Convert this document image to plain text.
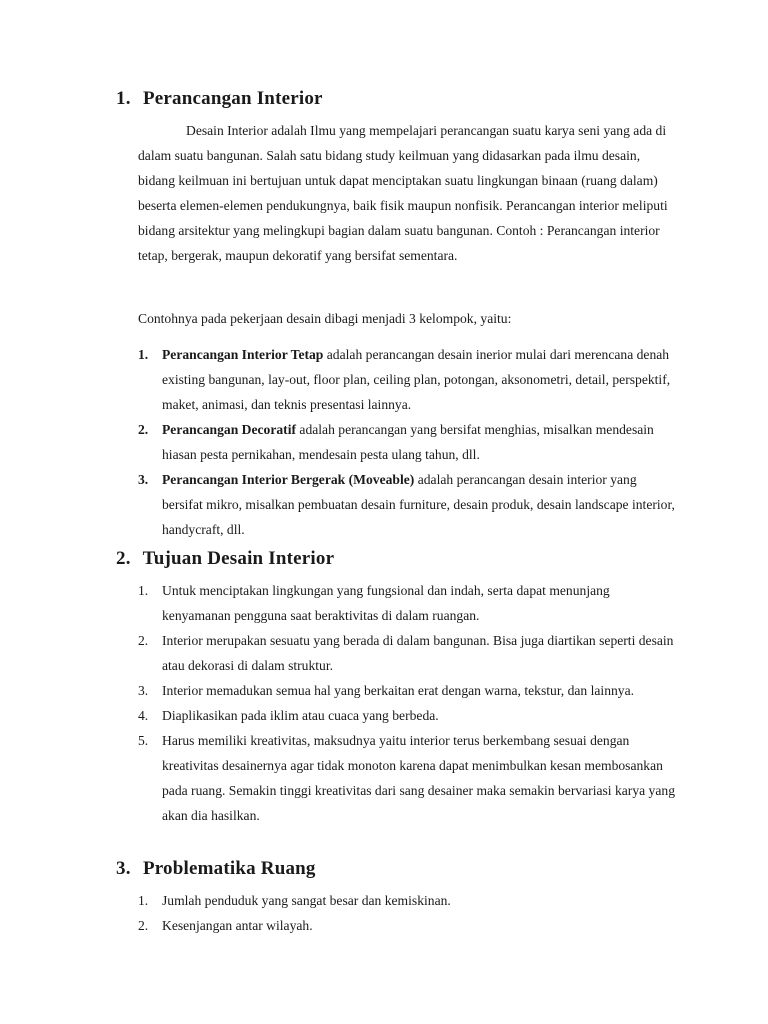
1. Perancangan Interior

Desain Interior adalah Ilmu yang mempelajari perancangan suatu karya seni yang ada di dalam suatu bangunan. Salah satu bidang study keilmuan yang didasarkan pada ilmu desain, bidang keilmuan ini bertujuan untuk dapat menciptakan suatu lingkungan binaan (ruang dalam) beserta elemen-elemen pendukungnya, baik fisik maupun nonfisik. Perancangan interior meliputi bidang arsitektur yang melingkupi bagian dalam suatu bangunan. Contoh : Perancangan interior tetap, bergerak, maupun dekoratif yang bersifat sementara.

Contohnya pada pekerjaan desain dibagi menjadi 3 kelompok, yaitu:

1. Perancangan Interior Tetap adalah perancangan desain inerior mulai dari merencana denah existing bangunan, lay-out, floor plan, ceiling plan, potongan, aksonometri, detail, perspektif, maket, animasi, dan teknis presentasi lainnya.
2. Perancangan Decoratif adalah perancangan yang bersifat menghias, misalkan mendesain hiasan pesta pernikahan, mendesain pesta ulang tahun, dll.
3. Perancangan Interior Bergerak (Moveable) adalah perancangan desain interior yang bersifat mikro, misalkan pembuatan desain furniture, desain produk, desain landscape interior, handycraft, dll.
2. Tujuan Desain Interior
1. Untuk menciptakan lingkungan yang fungsional dan indah, serta dapat menunjang kenyamanan pengguna saat beraktivitas di dalam ruangan.
2. Interior merupakan sesuatu yang berada di dalam bangunan. Bisa juga diartikan seperti desain atau dekorasi di dalam struktur.
3. Interior memadukan semua hal yang berkaitan erat dengan warna, tekstur, dan lainnya.
4. Diaplikasikan pada iklim atau cuaca yang berbeda.
5. Harus memiliki kreativitas, maksudnya yaitu interior terus berkembang sesuai dengan kreativitas desainernya agar tidak monoton karena dapat menimbulkan kesan membosankan pada ruang. Semakin tinggi kreativitas dari sang desainer maka semakin bervariasi karya yang akan dia hasilkan.
3. Problematika Ruang
1. Jumlah penduduk yang sangat besar dan kemiskinan.
2. Kesenjangan antar wilayah.
